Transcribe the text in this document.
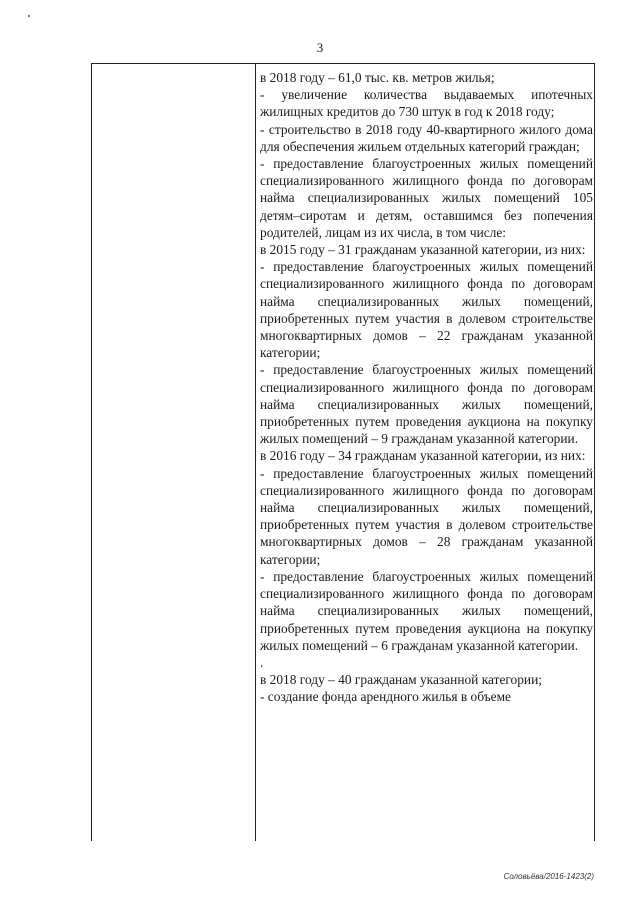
3
в 2018 году – 61,0 тыс. кв. метров жилья;
- увеличение количества выдаваемых ипотечных жилищных кредитов до 730 штук в год к 2018 году;
- строительство в 2018 году 40-квартирного жилого дома для обеспечения жильем отдельных категорий граждан;
- предоставление благоустроенных жилых помещений специализированного жилищного фонда по договорам найма специализированных жилых помещений 105 детям–сиротам и детям, оставшимся без попечения родителей, лицам из их числа, в том числе:
в 2015 году – 31 гражданам указанной категории, из них:
- предоставление благоустроенных жилых помещений специализированного жилищного фонда по договорам найма специализированных жилых помещений, приобретенных путем участия в долевом строительстве многоквартирных домов – 22 гражданам указанной категории;
- предоставление благоустроенных жилых помещений специализированного жилищного фонда по договорам найма специализированных жилых помещений, приобретенных путем проведения аукциона на покупку жилых помещений – 9 гражданам указанной категории.
в 2016 году – 34 гражданам указанной категории, из них:
- предоставление благоустроенных жилых помещений специализированного жилищного фонда по договорам найма специализированных жилых помещений, приобретенных путем участия в долевом строительстве многоквартирных домов – 28 гражданам указанной категории;
- предоставление благоустроенных жилых помещений специализированного жилищного фонда по договорам найма специализированных жилых помещений, приобретенных путем проведения аукциона на покупку жилых помещений – 6 гражданам указанной категории.
.
в 2018 году – 40 гражданам указанной категории;
- создание фонда арендного жилья в объеме
Соловьёва/2016-1423(2)
